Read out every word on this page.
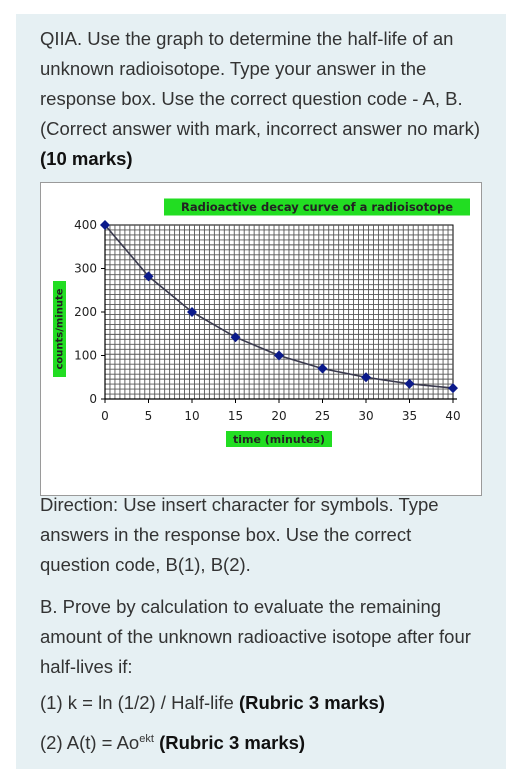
QIIA. Use the graph to determine the half-life of an unknown radioisotope. Type your answer in the response box. Use the correct question code - A, B. (Correct answer with mark, incorrect answer no mark) (10 marks)

0	5	10 15 20 25 30 35 40
0
100
200
300
400
Radioactive decay curve of a radioisotope
time (minutes)
counts/minute

Direction: Use insert character for symbols. Type answers in the response box. Use the correct question code, B(1), B(2).

B. Prove by calculation to evaluate the remaining amount of the unknown radioactive isotope after four half-lives if:

(1) k = ln (1/2) / Half-life (Rubric 3 marks)

(2) $A(t) = Ao^{ekt}$ (Rubric 3 marks)
